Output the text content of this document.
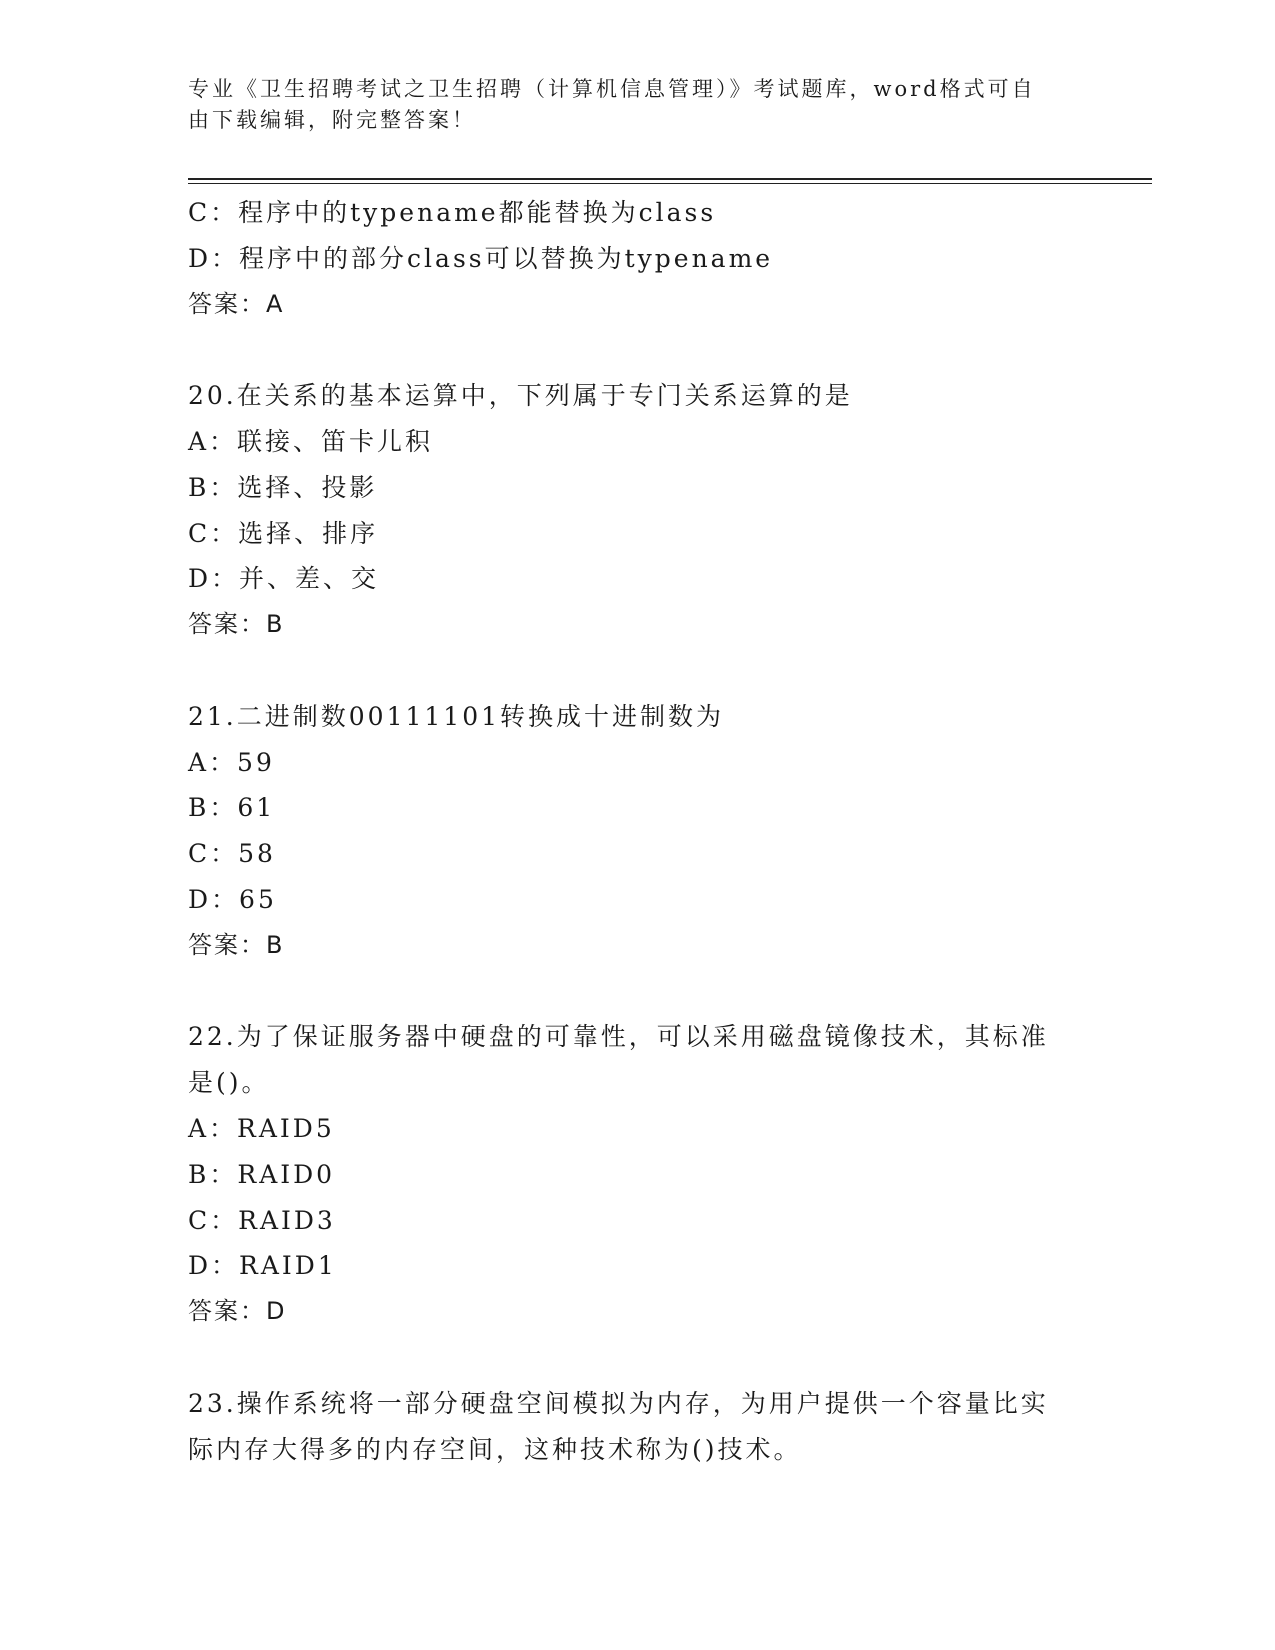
专业《卫生招聘考试之卫生招聘（计算机信息管理）》考试题库，word格式可自
由下载编辑，附完整答案！
C：程序中的typename都能替换为class
D：程序中的部分class可以替换为typename
答案：A
20.在关系的基本运算中，下列属于专门关系运算的是
A：联接、笛卡儿积
B：选择、投影
C：选择、排序
D：并、差、交
答案：B
21.二进制数00111101转换成十进制数为
A：59
B：61
C：58
D：65
答案：B
22.为了保证服务器中硬盘的可靠性，可以采用磁盘镜像技术，其标准
是()。
A：RAID5
B：RAID0
C：RAID3
D：RAID1
答案：D
23.操作系统将一部分硬盘空间模拟为内存，为用户提供一个容量比实
际内存大得多的内存空间，这种技术称为()技术。
